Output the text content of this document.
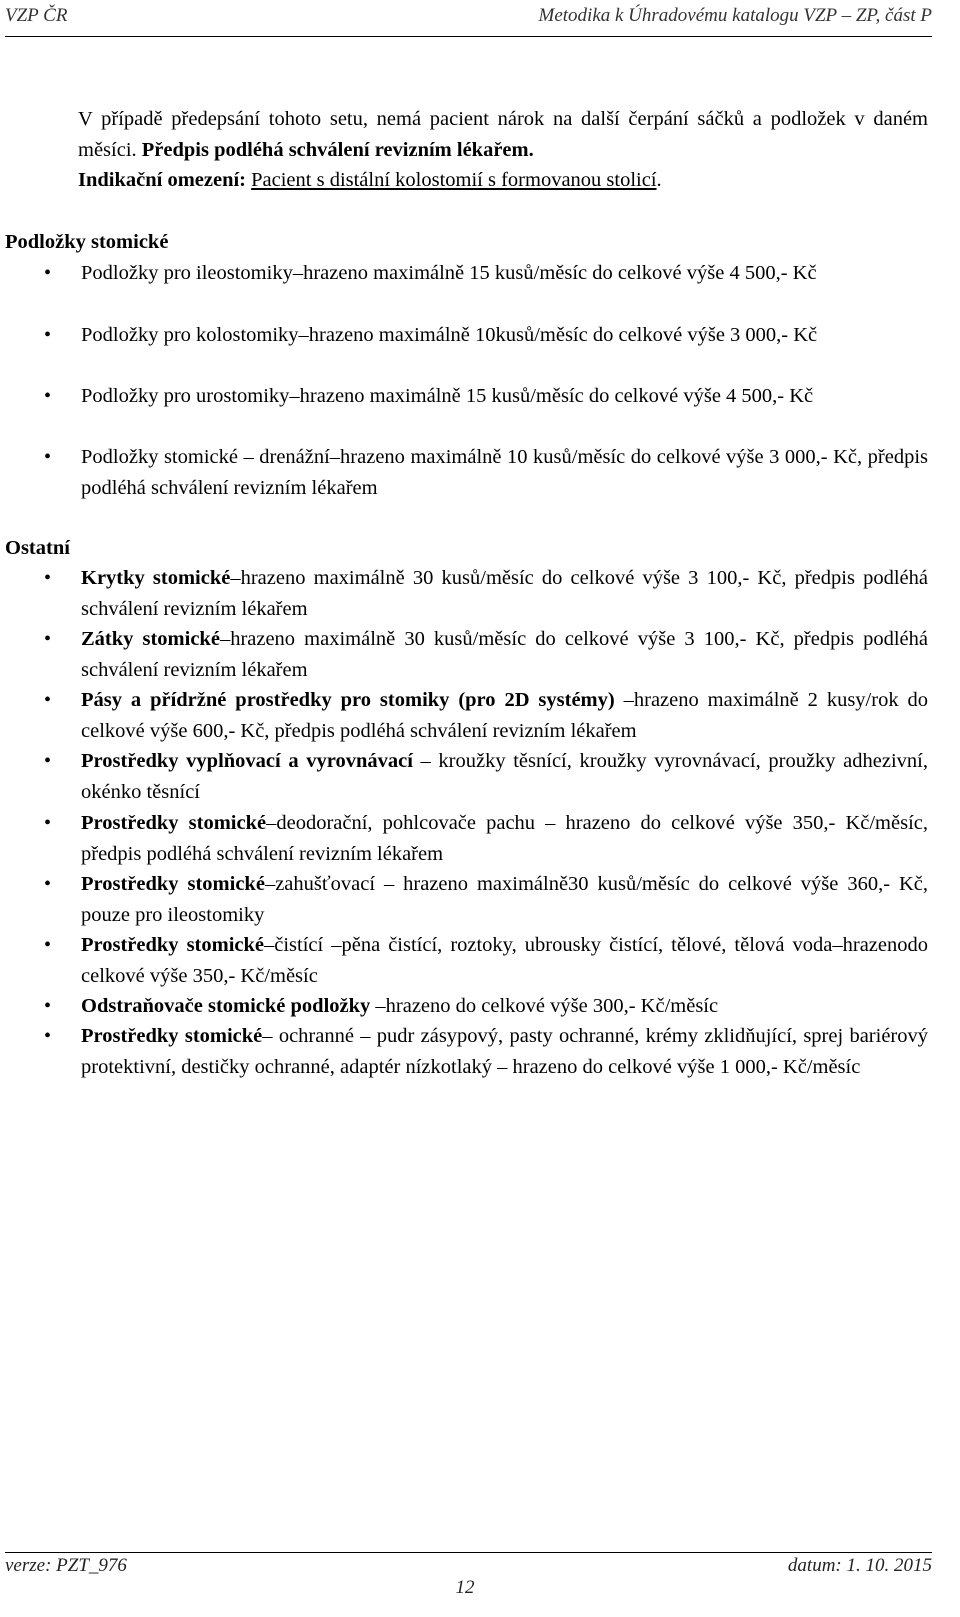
VZP ČR	Metodika k Úhradovému katalogu VZP – ZP, část P
V případě předepsání tohoto setu, nemá pacient nárok na další čerpání sáčků a podložek v daném měsíci. Předpis podléhá schválení revizním lékařem.
Indikační omezení: Pacient s distální kolostomií s formovanou stolicí.
Podložky stomické
• Podložky pro ileostomiky–hrazeno maximálně 15 kusů/měsíc do celkové výše 4 500,- Kč
• Podložky pro kolostomiky–hrazeno maximálně 10kusů/měsíc do celkové výše 3 000,- Kč
• Podložky pro urostomiky–hrazeno maximálně 15 kusů/měsíc do celkové výše 4 500,- Kč
• Podložky stomické – drenážní–hrazeno maximálně 10 kusů/měsíc do celkové výše 3 000,- Kč, předpis podléhá schválení revizním lékařem
Ostatní
• Krytky stomické–hrazeno maximálně 30 kusů/měsíc do celkové výše 3 100,- Kč, předpis podléhá schválení revizním lékařem
• Zátky stomické–hrazeno maximálně 30 kusů/měsíc do celkové výše 3 100,- Kč, předpis podléhá schválení revizním lékařem
• Pásy a přídržné prostředky pro stomiky (pro 2D systémy) –hrazeno maximálně 2 kusy/rok do celkové výše 600,- Kč, předpis podléhá schválení revizním lékařem
• Prostředky vyplňovací a vyrovnávací – kroužky těsnící, kroužky vyrovnávací, proužky adhezivní, okénko těsnící
• Prostředky stomické–deodorační, pohlcovače pachu – hrazeno do celkové výše 350,- Kč/měsíc, předpis podléhá schválení revizním lékařem
• Prostředky stomické–zahušťovací – hrazeno maximálně30 kusů/měsíc do celkové výše 360,- Kč, pouze pro ileostomiky
• Prostředky stomické–čistící –pěna čistící, roztoky, ubrousky čistící, tělové, tělová voda–hrazenodo celkové výše 350,- Kč/měsíc
• Odstraňovače stomické podložky –hrazeno do celkové výše 300,- Kč/měsíc
• Prostředky stomické– ochranné – pudr zásypový, pasty ochranné, krémy zklidňující, sprej bariérový protektivní, destičky ochranné, adaptér nízkotlaký – hrazeno do celkové výše 1 000,- Kč/měsíc
verze: PZT_976	datum: 1. 10. 2015
12
